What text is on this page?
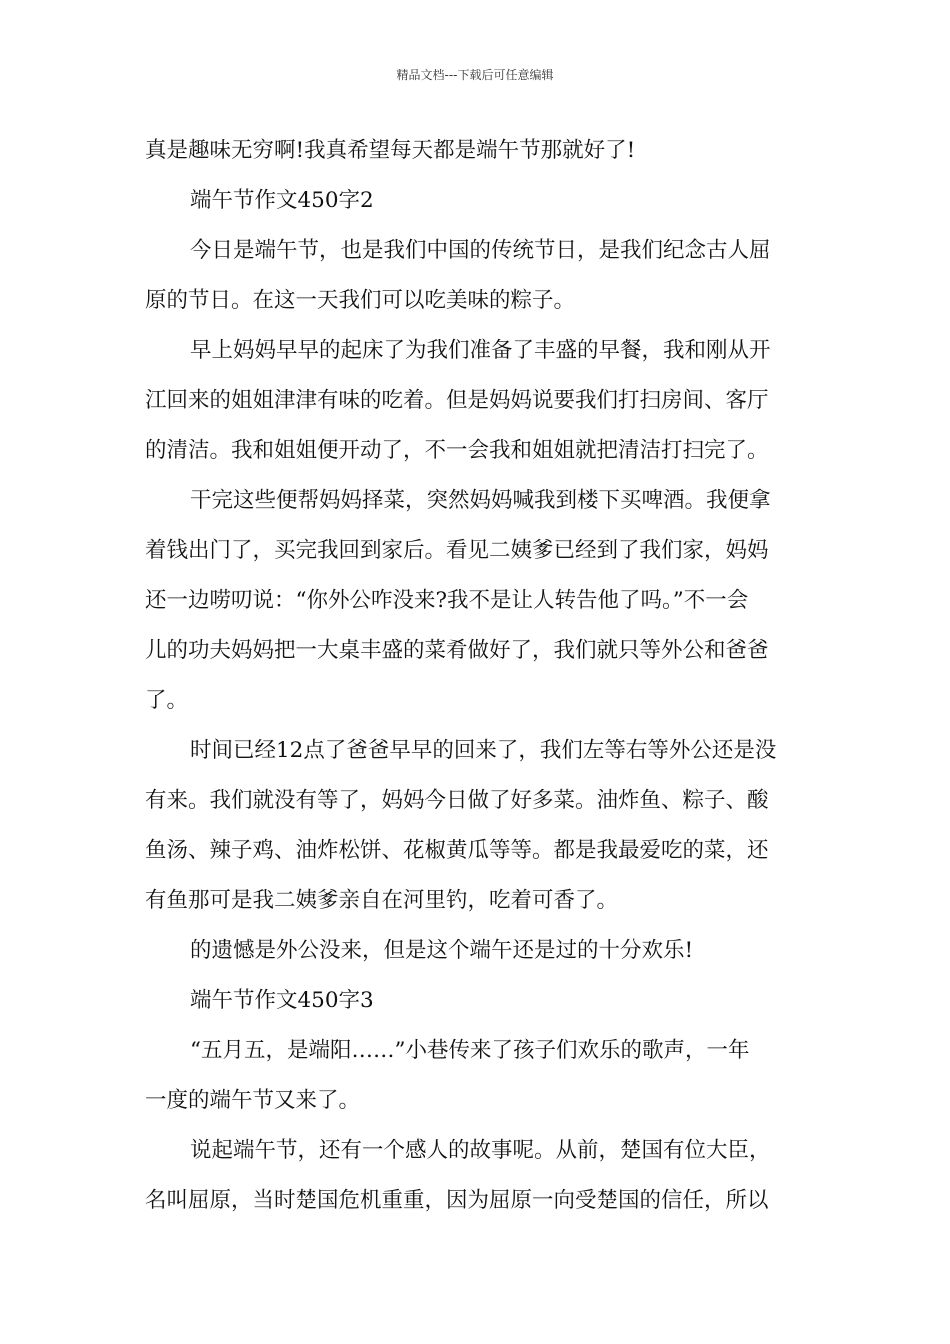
精品文档---下载后可任意编辑
真是趣味无穷啊!我真希望每天都是端午节那就好了!
端午节作文450字2
今日是端午节，也是我们中国的传统节日，是我们纪念古人屈
原的节日。在这一天我们可以吃美味的粽子。
早上妈妈早早的起床了为我们准备了丰盛的早餐，我和刚从开
江回来的姐姐津津有味的吃着。但是妈妈说要我们打扫房间、客厅
的清洁。我和姐姐便开动了，不一会我和姐姐就把清洁打扫完了。
干完这些便帮妈妈择菜，突然妈妈喊我到楼下买啤酒。我便拿
着钱出门了，买完我回到家后。看见二姨爹已经到了我们家，妈妈
还一边唠叨说：“你外公咋没来?我不是让人转告他了吗。”不一会
儿的功夫妈妈把一大桌丰盛的菜肴做好了，我们就只等外公和爸爸
了。
时间已经12点了爸爸早早的回来了，我们左等右等外公还是没
有来。我们就没有等了，妈妈今日做了好多菜。油炸鱼、粽子、酸
鱼汤、辣子鸡、油炸松饼、花椒黄瓜等等。都是我最爱吃的菜，还
有鱼那可是我二姨爹亲自在河里钓，吃着可香了。
的遗憾是外公没来，但是这个端午还是过的十分欢乐!
端午节作文450字3
“五月五，是端阳……”小巷传来了孩子们欢乐的歌声，一年
一度的端午节又来了。
说起端午节，还有一个感人的故事呢。从前，楚国有位大臣，
名叫屈原，当时楚国危机重重，因为屈原一向受楚国的信任，所以
